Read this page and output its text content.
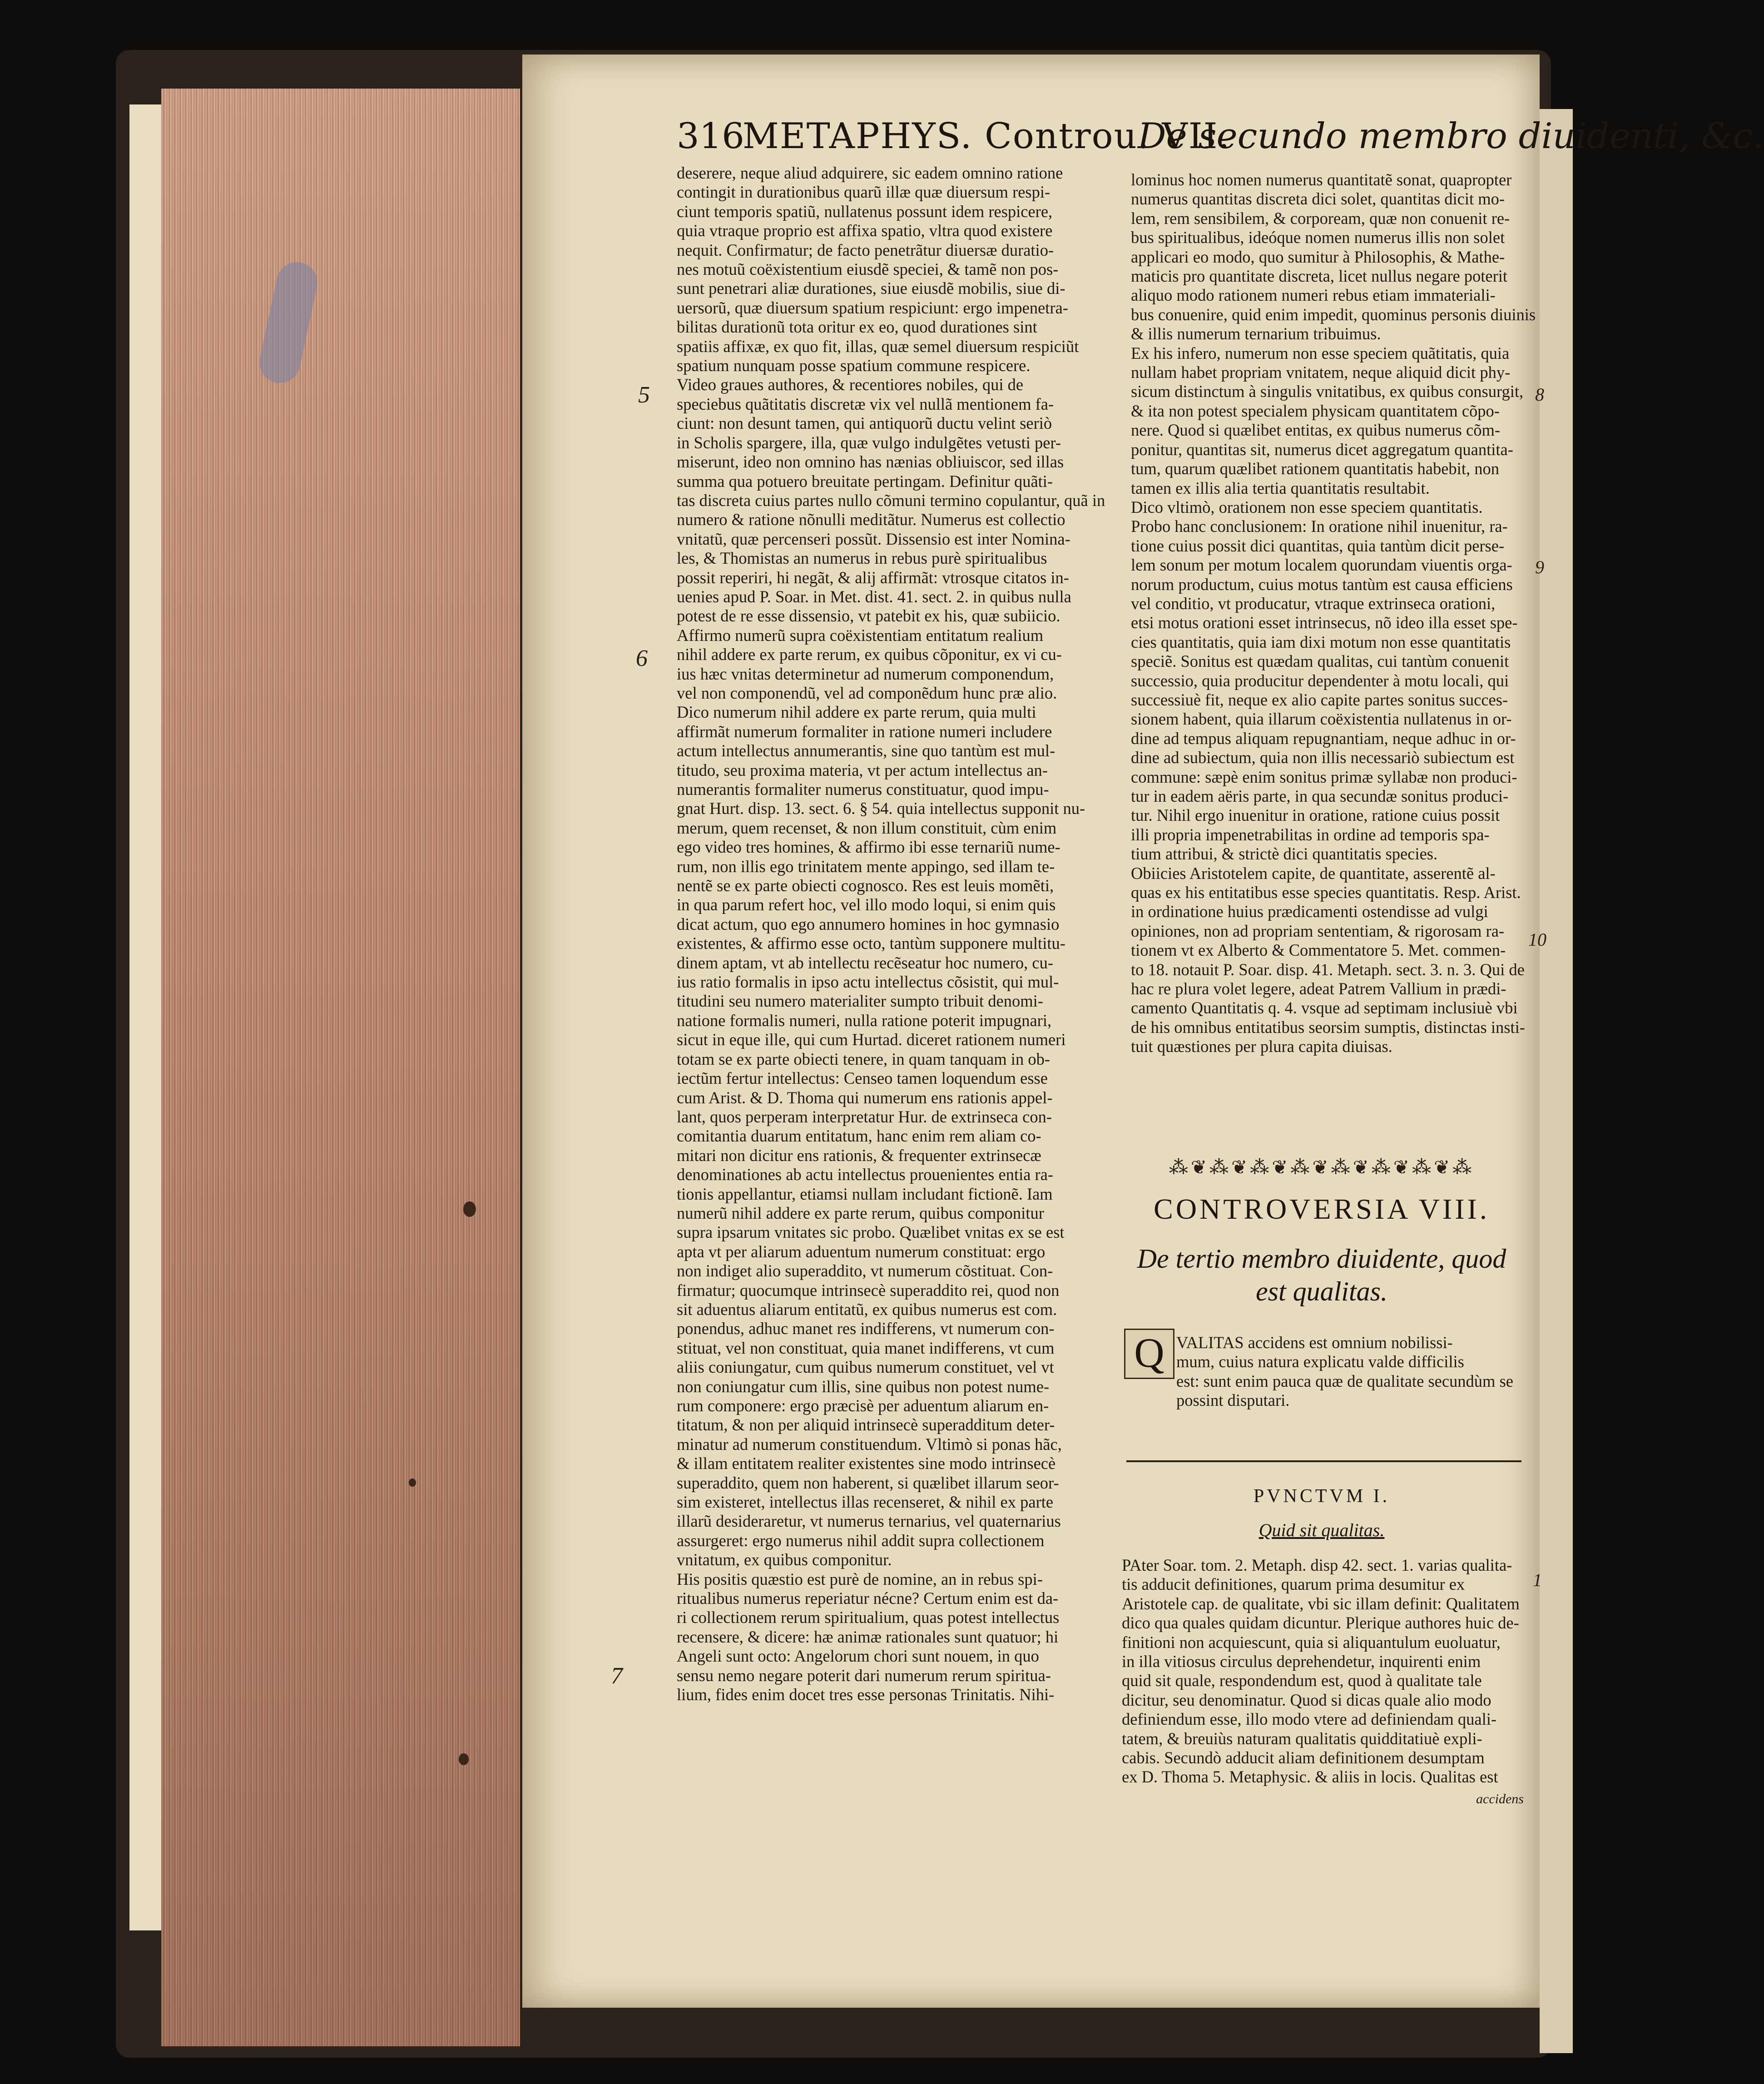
316
METAPHYS. Controu. VII.
De secundo membro diuidenti, &c.
deserere, neque aliud adquirere, sic eadem omnino ratione
contingit in durationibus quarũ illæ quæ diuersum respi-
ciunt temporis spatiũ, nullatenus possunt idem respicere,
quia vtraque proprio est affixa spatio, vltra quod existere
nequit. Confirmatur; de facto penetrãtur diuersæ duratio-
nes motuũ coëxistentium eiusdẽ speciei, & tamẽ non pos-
sunt penetrari aliæ durationes, siue eiusdẽ mobilis, siue di-
uersorũ, quæ diuersum spatium respiciunt: ergo impenetra-
bilitas durationũ tota oritur ex eo, quod durationes sint
spatiis affixæ, ex quo fit, illas, quæ semel diuersum respiciũt
spatium nunquam posse spatium commune respicere.
Video graues authores, & recentiores nobiles, qui de
speciebus quãtitatis discretæ vix vel nullã mentionem fa-
ciunt: non desunt tamen, qui antiquorũ ductu velint seriò
in Scholis spargere, illa, quæ vulgo indulgẽtes vetusti per-
miserunt, ideo non omnino has nænias obliuiscor, sed illas
summa qua potuero breuitate pertingam. Definitur quãti-
tas discreta cuius partes nullo cõmuni termino copulantur, quã in
numero & ratione nõnulli meditãtur. Numerus est collectio
vnitatũ, quæ percenseri possũt. Dissensio est inter Nomina-
les, & Thomistas an numerus in rebus purè spiritualibus
possit reperiri, hi negãt, & alij affirmãt: vtrosque citatos in-
uenies apud P. Soar. in Met. dist. 41. sect. 2. in quibus nulla
potest de re esse dissensio, vt patebit ex his, quæ subiicio.
Affirmo numerũ supra coëxistentiam entitatum realium
nihil addere ex parte rerum, ex quibus cõponitur, ex vi cu-
ius hæc vnitas determinetur ad numerum componendum,
vel non componendũ, vel ad componẽdum hunc præ alio.
Dico numerum nihil addere ex parte rerum, quia multi
affirmãt numerum formaliter in ratione numeri includere
actum intellectus annumerantis, sine quo tantùm est mul-
titudo, seu proxima materia, vt per actum intellectus an-
numerantis formaliter numerus constituatur, quod impu-
gnat Hurt. disp. 13. sect. 6. § 54. quia intellectus supponit nu-
merum, quem recenset, & non illum constituit, cùm enim
ego video tres homines, & affirmo ibi esse ternariũ nume-
rum, non illis ego trinitatem mente appingo, sed illam te-
nentẽ se ex parte obiecti cognosco. Res est leuis momẽti,
in qua parum refert hoc, vel illo modo loqui, si enim quis
dicat actum, quo ego annumero homines in hoc gymnasio
existentes, & affirmo esse octo, tantùm supponere multitu-
dinem aptam, vt ab intellectu recẽseatur hoc numero, cu-
ius ratio formalis in ipso actu intellectus cõsistit, qui mul-
titudini seu numero materialiter sumpto tribuit denomi-
natione formalis numeri, nulla ratione poterit impugnari,
sicut in eque ille, qui cum Hurtad. diceret rationem numeri
totam se ex parte obiecti tenere, in quam tanquam in ob-
iectũm fertur intellectus: Censeo tamen loquendum esse
cum Arist. & D. Thoma qui numerum ens rationis appel-
lant, quos perperam interpretatur Hur. de extrinseca con-
comitantia duarum entitatum, hanc enim rem aliam co-
mitari non dicitur ens rationis, & frequenter extrinsecæ
denominationes ab actu intellectus prouenientes entia ra-
tionis appellantur, etiamsi nullam includant fictionẽ. Iam
numerũ nihil addere ex parte rerum, quibus componitur
supra ipsarum vnitates sic probo. Quælibet vnitas ex se est
apta vt per aliarum aduentum numerum constituat: ergo
non indiget alio superaddito, vt numerum cõstituat. Con-
firmatur; quocumque intrinsecè superaddito rei, quod non
sit aduentus aliarum entitatũ, ex quibus numerus est com.
ponendus, adhuc manet res indifferens, vt numerum con-
stituat, vel non constituat, quia manet indifferens, vt cum
aliis coniungatur, cum quibus numerum constituet, vel vt
non coniungatur cum illis, sine quibus non potest nume-
rum componere: ergo præcisè per aduentum aliarum en-
titatum, & non per aliquid intrinsecè superadditum deter-
minatur ad numerum constituendum. Vltimò si ponas hãc,
& illam entitatem realiter existentes sine modo intrinsecè
superaddito, quem non haberent, si quælibet illarum seor-
sim existeret, intellectus illas recenseret, & nihil ex parte
illarũ desideraretur, vt numerus ternarius, vel quaternarius
assurgeret: ergo numerus nihil addit supra collectionem
vnitatum, ex quibus componitur.
His positis quæstio est purè de nomine, an in rebus spi-
ritualibus numerus reperiatur nécne? Certum enim est da-
ri collectionem rerum spiritualium, quas potest intellectus
recensere, & dicere: hæ animæ rationales sunt quatuor; hi
Angeli sunt octo: Angelorum chori sunt nouem, in quo
sensu nemo negare poterit dari numerum rerum spiritua-
lium, fides enim docet tres esse personas Trinitatis. Nihi-
lominus hoc nomen numerus quantitatẽ sonat, quapropter
numerus quantitas discreta dici solet, quantitas dicit mo-
lem, rem sensibilem, & corpoream, quæ non conuenit re-
bus spiritualibus, ideóque nomen numerus illis non solet
applicari eo modo, quo sumitur à Philosophis, & Mathe-
maticis pro quantitate discreta, licet nullus negare poterit
aliquo modo rationem numeri rebus etiam immateriali-
bus conuenire, quid enim impedit, quominus personis diuinis
& illis numerum ternarium tribuimus.
Ex his infero, numerum non esse speciem quãtitatis, quia
nullam habet propriam vnitatem, neque aliquid dicit phy-
sicum distinctum à singulis vnitatibus, ex quibus consurgit,
& ita non potest specialem physicam quantitatem cõpo-
nere. Quod si quælibet entitas, ex quibus numerus cõm-
ponitur, quantitas sit, numerus dicet aggregatum quantita-
tum, quarum quælibet rationem quantitatis habebit, non
tamen ex illis alia tertia quantitatis resultabit.
Dico vltimò, orationem non esse speciem quantitatis.
Probo hanc conclusionem: In oratione nihil inuenitur, ra-
tione cuius possit dici quantitas, quia tantùm dicit perse-
lem sonum per motum localem quorundam viuentis orga-
norum productum, cuius motus tantùm est causa efficiens
vel conditio, vt producatur, vtraque extrinseca orationi,
etsi motus orationi esset intrinsecus, nõ ideo illa esset spe-
cies quantitatis, quia iam dixi motum non esse quantitatis
speciẽ. Sonitus est quædam qualitas, cui tantùm conuenit
successio, quia producitur dependenter à motu locali, qui
successiuè fit, neque ex alio capite partes sonitus succes-
sionem habent, quia illarum coëxistentia nullatenus in or-
dine ad tempus aliquam repugnantiam, neque adhuc in or-
dine ad subiectum, quia non illis necessariò subiectum est
commune: sæpè enim sonitus primæ syllabæ non produci-
tur in eadem aëris parte, in qua secundæ sonitus produci-
tur. Nihil ergo inuenitur in oratione, ratione cuius possit
illi propria impenetrabilitas in ordine ad temporis spa-
tium attribui, & strictè dici quantitatis species.
Obiicies Aristotelem capite, de quantitate, asserentẽ al-
quas ex his entitatibus esse species quantitatis. Resp. Arist.
in ordinatione huius prædicamenti ostendisse ad vulgi
opiniones, non ad propriam sententiam, & rigorosam ra-
tionem vt ex Alberto & Commentatore 5. Met. commen-
to 18. notauit P. Soar. disp. 41. Metaph. sect. 3. n. 3. Qui de
hac re plura volet legere, adeat Patrem Vallium in prædi-
camento Quantitatis q. 4. vsque ad septimam inclusiuè vbi
de his omnibus entitatibus seorsim sumptis, distinctas insti-
tuit quæstiones per plura capita diuisas.
5
6
7
8
9
10
1
⁂❦⁂❦⁂❦⁂❦⁂❦⁂❦⁂❦⁂
CONTROVERSIA VIII.
De tertio membro diuidente, quod
est qualitas.
Q VALITAS accidens est omnium nobilissi-
mum, cuius natura explicatu valde difficilis
est: sunt enim pauca quæ de qualitate secundùm se
possint disputari.
PVNCTVM I.
Quid sit qualitas.
PAter Soar. tom. 2. Metaph. disp 42. sect. 1. varias qualita-
tis adducit definitiones, quarum prima desumitur ex
Aristotele cap. de qualitate, vbi sic illam definit: Qualitatem
dico qua quales quidam dicuntur. Plerique authores huic de-
finitioni non acquiescunt, quia si aliquantulum euoluatur,
in illa vitiosus circulus deprehendetur, inquirenti enim
quid sit quale, respondendum est, quod à qualitate tale
dicitur, seu denominatur. Quod si dicas quale alio modo
definiendum esse, illo modo vtere ad definiendam quali-
tatem, & breuiùs naturam qualitatis quidditatiuè expli-
cabis. Secundò adducit aliam definitionem desumptam
ex D. Thoma 5. Metaphysic. & aliis in locis. Qualitas est
accidens
